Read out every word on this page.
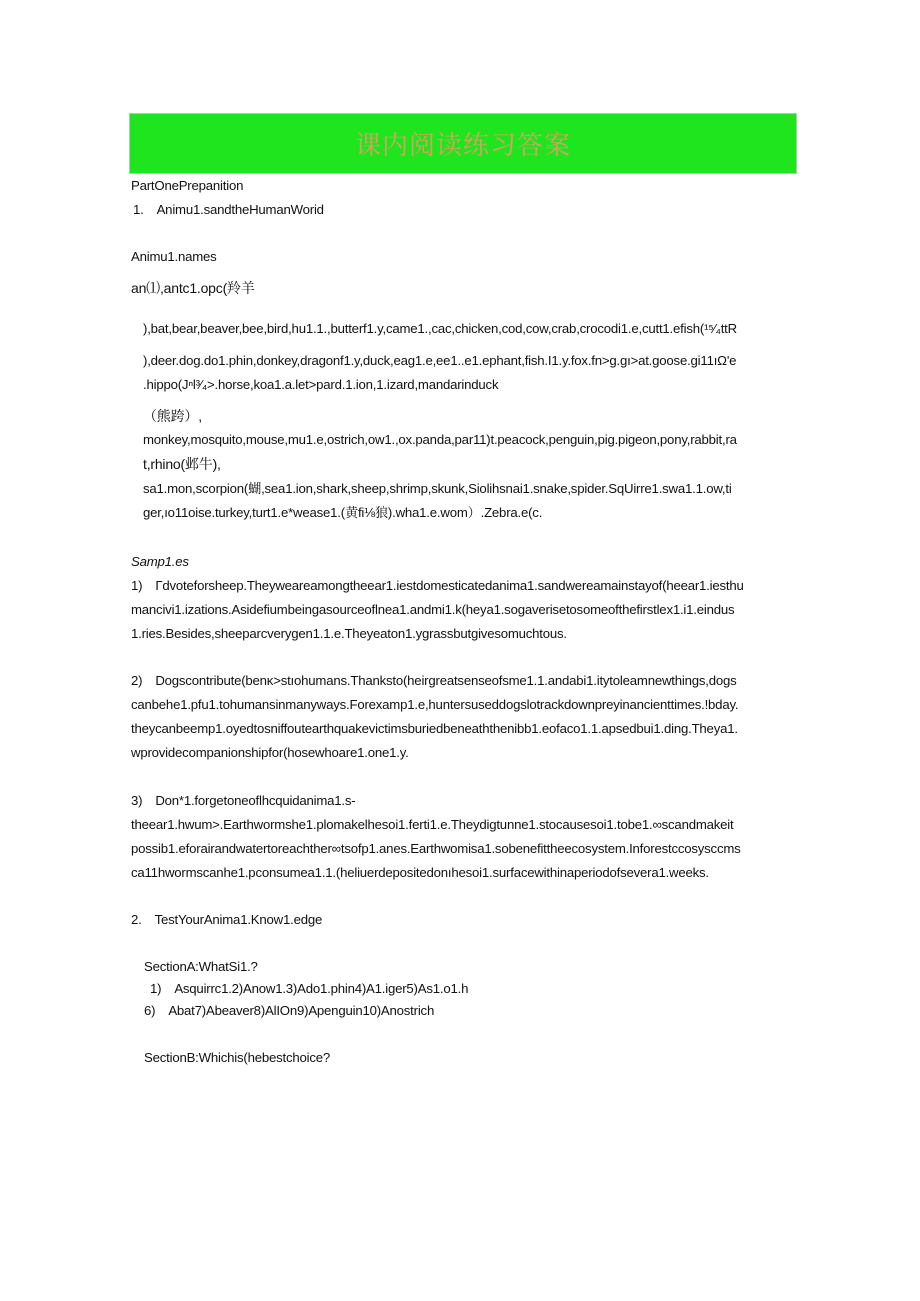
课内阅读练习答案
PartOnePrepanition
1.　Animu1.sandtheHumanWorid
Animu1.names
an⑴,antc1.opc(羚羊
),bat,bear,beaver,bee,bird,hu1.1.,butterf1.y,came1.,cac,chicken,cod,cow,crab,crocodi1.e,cutt1.efish(¹⁵⁄₄ttR
),deer.dog.do1.phin,donkey,dragonf1.y,duck,eag1.e,ee1..e1.ephant,fish.I1.y.fox.fn>g.gı>at.goose.gi11ıΩ'e
.hippo(Jⁿl³⁄₄>.horse,koa1.a.let>pard.1.ion,1.izard,mandarinduck
（熊跨）,
monkey,mosquito,mouse,mu1.e,ostrich,ow1.,ox.panda,par11)t.peacock,penguin,pig.pigeon,pony,rabbit,ra
t,rhino(邺牛),
sa1.mon,scorpion(蝴,sea1.ion,shark,sheep,shrimp,skunk,Siolihsnai1.snake,spider.SqUirre1.swa1.1.ow,ti
ger,ıo11oise.turkey,turt1.e*wease1.(黄fi⅛狼).wha1.e.wom）.Zebra.e(c.
Samp1.es
1)　Γdvoteforsheep.Theyweareamongtheear1.iestdomesticatedanima1.sandwereamainstayof(heear1.iesthu
mancivi1.izations.Asidefiumbeingasourceoflnea1.andmi1.k(heya1.sogaverisetosomeofthefirstlex1.i1.eindus
1.ries.Besides,sheeparcverygen1.1.e.Theyeaton1.ygrassbutgivesomuchtous.
2)　Dogscontribute(benκ>stıohumans.Thanksto(heirgreatsenseofsme1.1.andabi1.itytoleamnewthings,dogs
canbehe1.pfu1.tohumansinmanyways.Forexamp1.e,huntersuseddogslotrackdownpreyinancienttimes.!bday.
theycanbeemp1.oyedtosniffoutearthquakevictimsburiedbeneaththenibb1.eofaco1.1.apsedbui1.ding.Theya1.
wprovidecompanionshipfor(hosewhoare1.one1.y.
3)　Don*1.forgetoneoflhcquidanima1.s-
theear1.hwum>.Earthwormshe1.plomakelhesoi1.ferti1.e.Theydigtunne1.stocausesoi1.tobe1.∞scandmakeit
possib1.eforairandwatertoreachther∞tsofp1.anes.Earthwomisa1.sobenefittheecosystem.Inforestccosysccms
ca11hwormscanhe1.pconsumea1.1.(heliuerdepositedonıhesoi1.surfacewithinaperiodofsevera1.weeks.
2.　TestYourAnima1.Know1.edge
SectionA:WhatSi1.?
1)　Asquirrc1.2)Anow1.3)Ado1.phin4)A1.iger5)As1.o1.h
6)　Abat7)Abeaver8)AlIOn9)Apenguin10)Anostrich
SectionB:Whichis(hebestchoice?
